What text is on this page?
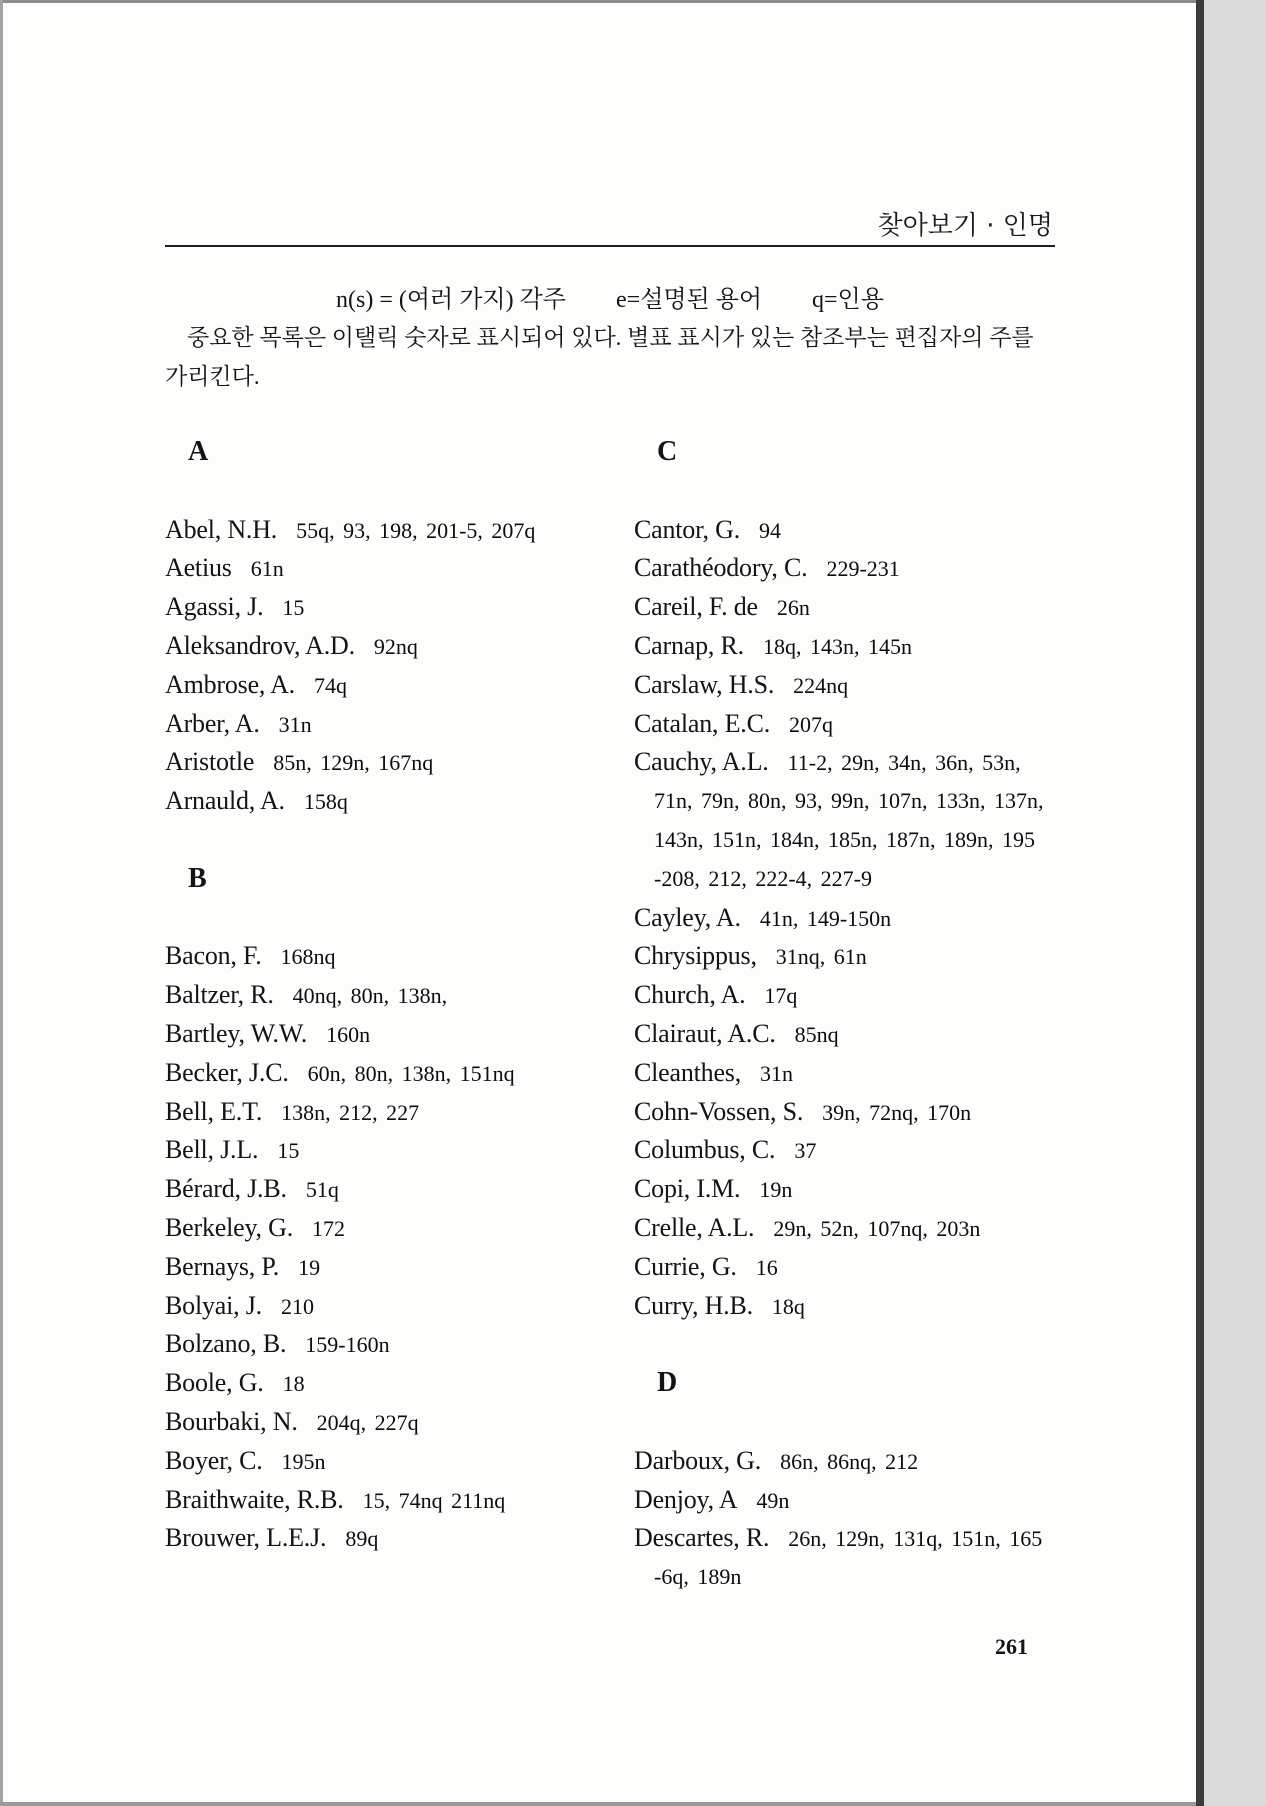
찾아보기 · 인명
n(s) = (여러 가지) 각주 e=설명된 용어 q=인용
중요한 목록은 이탤릭 숫자로 표시되어 있다. 별표 표시가 있는 참조부는 편집자의 주를
가리킨다.
A
Abel, N.H. 55q, 93, 198, 201-5, 207q
Aetius 61n
Agassi, J. 15
Aleksandrov, A.D. 92nq
Ambrose, A. 74q
Arber, A. 31n
Aristotle 85n, 129n, 167nq
Arnauld, A. 158q
B
Bacon, F. 168nq
Baltzer, R. 40nq, 80n, 138n,
Bartley, W.W. 160n
Becker, J.C. 60n, 80n, 138n, 151nq
Bell, E.T. 138n, 212, 227
Bell, J.L. 15
Bérard, J.B. 51q
Berkeley, G. 172
Bernays, P. 19
Bolyai, J. 210
Bolzano, B. 159-160n
Boole, G. 18
Bourbaki, N. 204q, 227q
Boyer, C. 195n
Braithwaite, R.B. 15, 74nq 211nq
Brouwer, L.E.J. 89q
C
Cantor, G. 94
Carathéodory, C. 229-231
Careil, F. de 26n
Carnap, R. 18q, 143n, 145n
Carslaw, H.S. 224nq
Catalan, E.C. 207q
Cauchy, A.L. 11-2, 29n, 34n, 36n, 53n,
71n, 79n, 80n, 93, 99n, 107n, 133n, 137n,
143n, 151n, 184n, 185n, 187n, 189n, 195
-208, 212, 222-4, 227-9
Cayley, A. 41n, 149-150n
Chrysippus, 31nq, 61n
Church, A. 17q
Clairaut, A.C. 85nq
Cleanthes, 31n
Cohn-Vossen, S. 39n, 72nq, 170n
Columbus, C. 37
Copi, I.M. 19n
Crelle, A.L. 29n, 52n, 107nq, 203n
Currie, G. 16
Curry, H.B. 18q
D
Darboux, G. 86n, 86nq, 212
Denjoy, A 49n
Descartes, R. 26n, 129n, 131q, 151n, 165
-6q, 189n
261
